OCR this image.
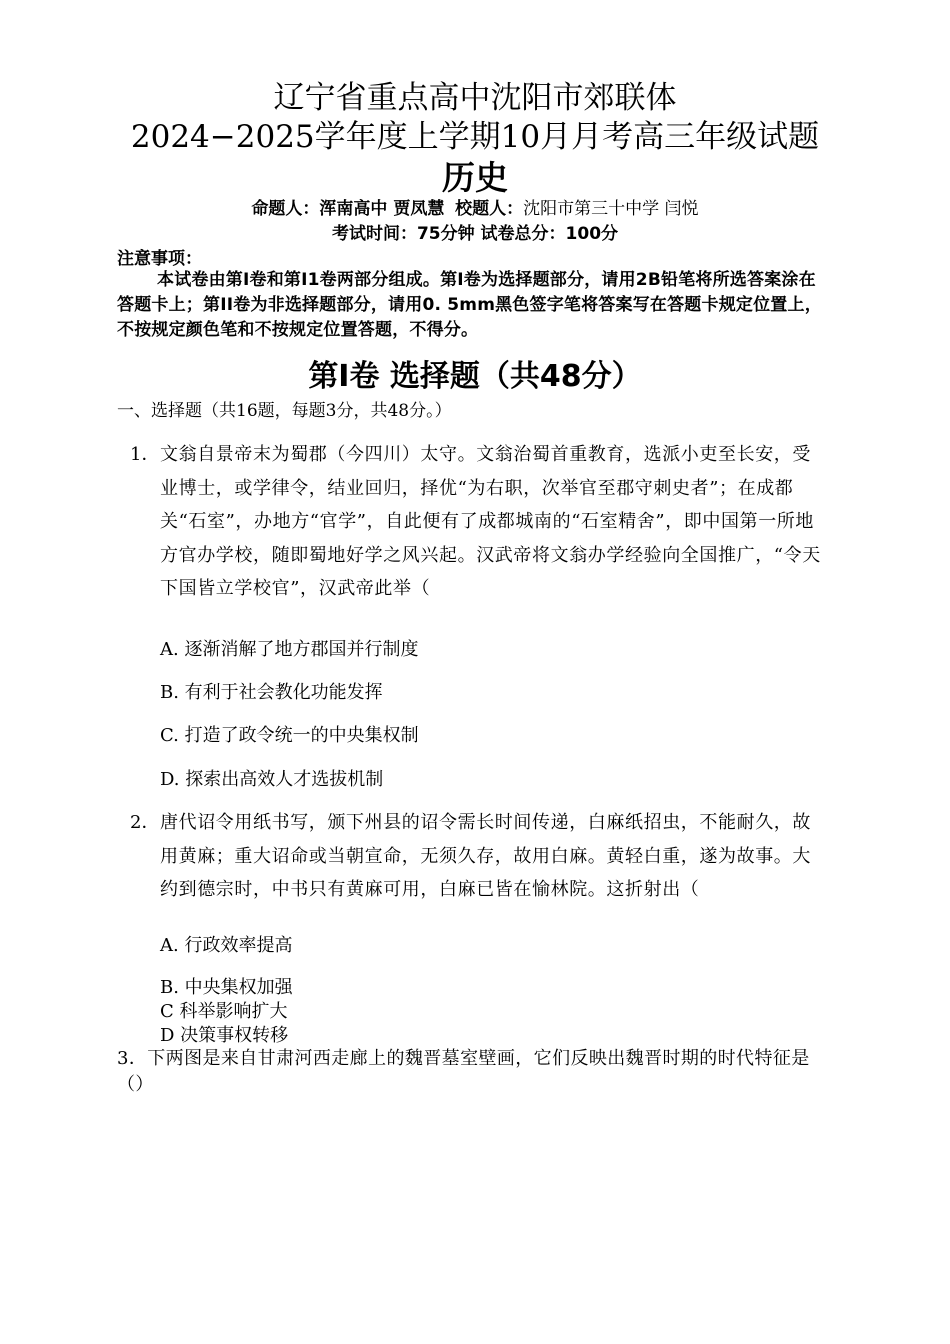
辽宁省重点高中沈阳市郊联体
2024−2025学年度上学期10月月考高三年级试题
历史
命题人：浑南高中 贾凤慧 校题人：沈阳市第三十中学 闫悦
考试时间：75分钟 试卷总分：100分
注意事项：
本试卷由第I卷和第I1卷两部分组成。第I卷为选择题部分，请用2B铅笔将所选答案涂在答题卡上；第II卷为非选择题部分，请用0. 5mm黑色签字笔将答案写在答题卡规定位置上，不按规定颜色笔和不按规定位置答题，不得分。
第I卷 选择题（共48分）
一、选择题（共16题，每题3分，共48分。）
1． 文翁自景帝末为蜀郡（今四川）太守。文翁治蜀首重教育，选派小吏至长安，受业博士，或学律令，结业回归，择优“为右职，次举官至郡守刺史者”；在成都关“石室”，办地方“官学”，自此便有了成都城南的“石室精舍”，即中国第一所地方官办学校，随即蜀地好学之风兴起。汉武帝将文翁办学经验向全国推广，“令天下国皆立学校官”，汉武帝此举（
A. 逐渐消解了地方郡国并行制度
B. 有利于社会教化功能发挥
C. 打造了政令统一的中央集权制
D. 探索出高效人才选拔机制
2． 唐代诏令用纸书写，颁下州县的诏令需长时间传递，白麻纸招虫，不能耐久，故用黄麻；重大诏命或当朝宣命，无须久存，故用白麻。黄轻白重，遂为故事。大约到德宗时，中书只有黄麻可用，白麻已皆在愉林院。这折射出（
A. 行政效率提高
B. 中央集权加强
C 科举影响扩大
D 决策事权转移
3．下两图是来自甘肃河西走廊上的魏晋墓室壁画，它们反映出魏晋时期的时代特征是（）
